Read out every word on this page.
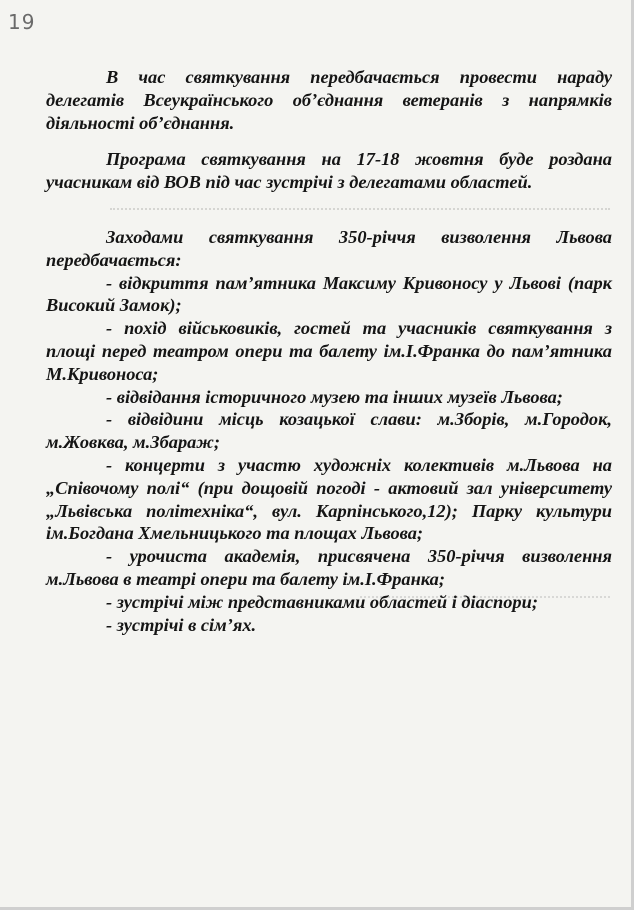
19

В час святкування передбачається провести нараду делегатів Всеукраїнського об’єднання ветеранів з напрямків діяльності об’єднання.

Програма святкування на 17-18 жовтня буде роздана учасникам від ВОВ під час зустрічі з делегатами областей.

Заходами святкування 350-річчя визволення Львова передбачається:

- відкриття пам’ятника Максиму Кривоносу у Львові (парк Високий Замок);

- похід військовиків, гостей та учасників святкування з площі перед театром опери та балету ім.І.Франка до пам’ятника М.Кривоноса;

- відвідання історичного музею та інших музеїв Львова;

- відвідини місць козацької слави: м.Зборів, м.Городок, м.Жовква, м.Збараж;

- концерти з участю художніх колективів м.Львова на „Співочому полі“ (при дощовій погоді - актовий зал університету „Львівська політехніка“, вул. Карпінського,12); Парку культури ім.Богдана Хмельницького та площах Львова;

- урочиста академія, присвячена 350-річчя визволення м.Львова в театрі опери та балету ім.І.Франка;

- зустрічі між представниками областей і діаспори;

- зустрічі в сім’ях.
